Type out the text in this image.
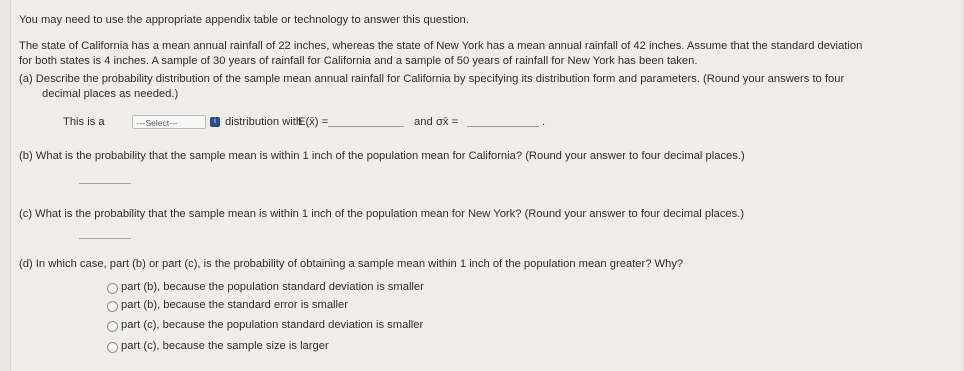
You may need to use the appropriate appendix table or technology to answer this question.
The state of California has a mean annual rainfall of 22 inches, whereas the state of New York has a mean annual rainfall of 42 inches. Assume that the standard deviation
for both states is 4 inches. A sample of 30 years of rainfall for California and a sample of 50 years of rainfall for New York has been taken.
(a) Describe the probability distribution of the sample mean annual rainfall for California by specifying its distribution form and parameters. (Round your answers to four
decimal places as needed.)
This is a	---Select---	i distribution with
E(x̄) =	and σx̄ =	.
(b) What is the probability that the sample mean is within 1 inch of the population mean for California? (Round your answer to four decimal places.)
(c) What is the probability that the sample mean is within 1 inch of the population mean for New York? (Round your answer to four decimal places.)
(d) In which case, part (b) or part (c), is the probability of obtaining a sample mean within 1 inch of the population mean greater? Why?
part (b), because the population standard deviation is smaller
part (b), because the standard error is smaller
part (c), because the population standard deviation is smaller
part (c), because the sample size is larger
